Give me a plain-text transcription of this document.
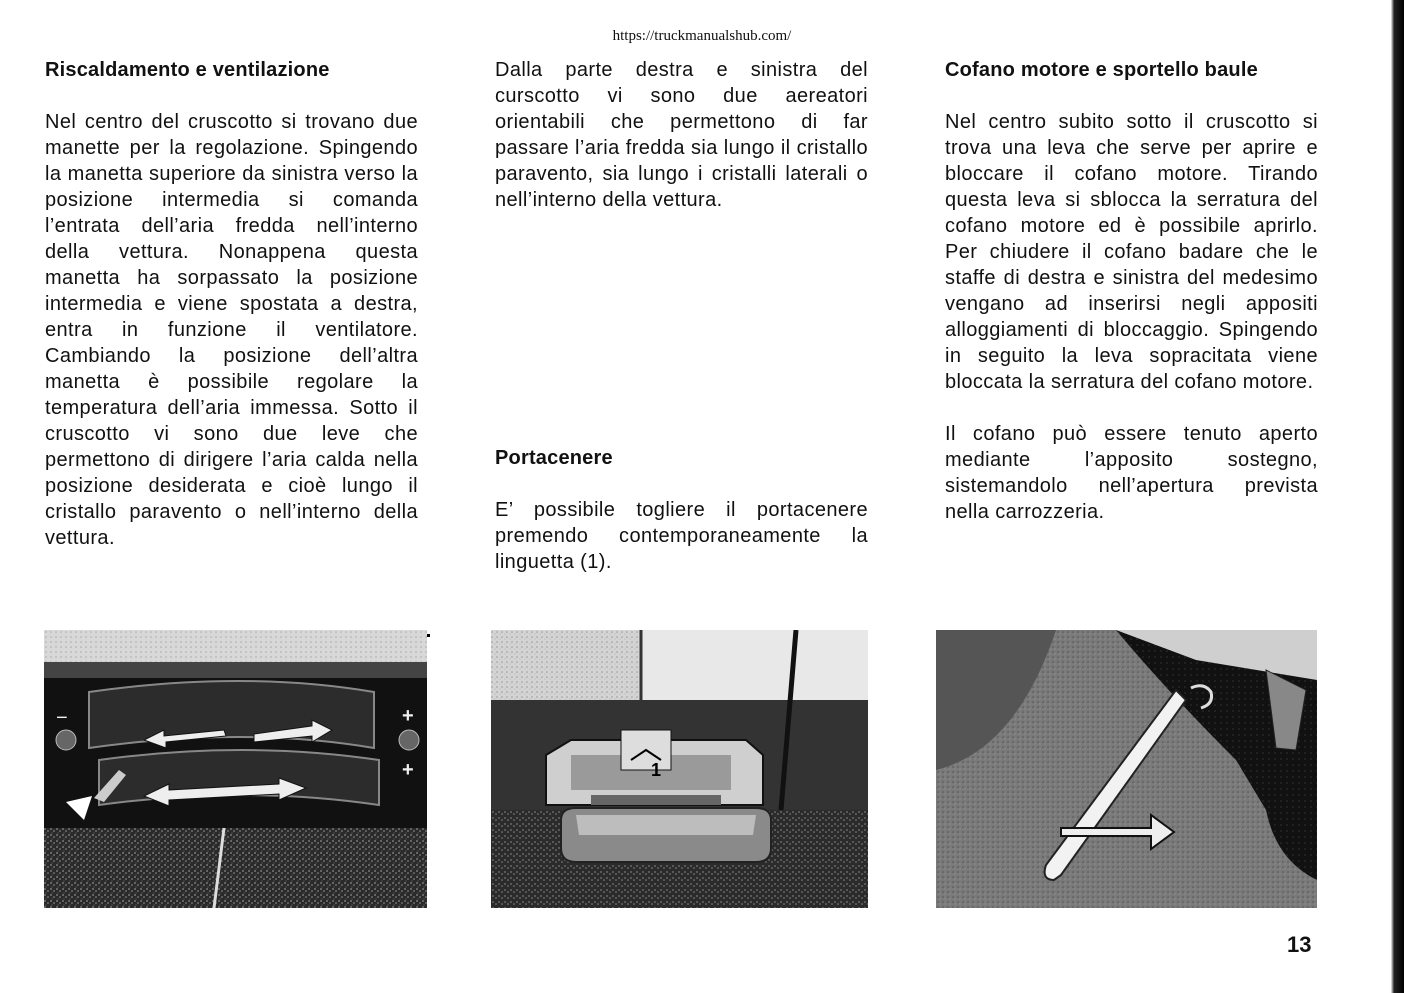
https://truckmanualshub.com/
Riscaldamento e ventilazione

Nel centro del cruscotto si trovano due manette per la regolazione. Spingendo la manetta superiore da sinistra verso la posizione intermedia si comanda l’entrata dell’aria fredda nell’interno della vettura. Nonappena questa manetta ha sorpassato la posizione intermedia e viene spostata a destra, entra in funzione il ventilatore. Cambiando la posizione dell’altra manetta è possibile regolare la temperatura dell’aria immessa. Sotto il cruscotto vi sono due leve che permettono di dirigere l’aria calda nella posizione desiderata e cioè lungo il cristallo paravento o nell’interno della vettura.

Dalla parte destra e sinistra del curscotto vi sono due aereatori orientabili che permettono di far passare l’aria fredda sia lungo il cristallo paravento, sia lungo i cristalli laterali o nell’interno della vettura.

Portacenere

E’ possibile togliere il portacenere premendo contemporaneamente la linguetta (1).

Cofano motore e sportello baule

Nel centro subito sotto il cruscotto si trova una leva che serve per aprire e bloccare il cofano motore. Tirando questa leva si sblocca la serratura del cofano motore ed è possibile aprirlo. Per chiudere il cofano badare che le staffe di destra e sinistra del medesimo vengano ad inserirsi negli appositi alloggiamenti di bloccaggio. Spingendo in seguito la leva sopracitata viene bloccata la serratura del cofano motore.

Il cofano può essere tenuto aperto mediante l’apposito sostegno, sistemandolo nell’apertura prevista nella carrozzeria.

−	+
+	1
13
